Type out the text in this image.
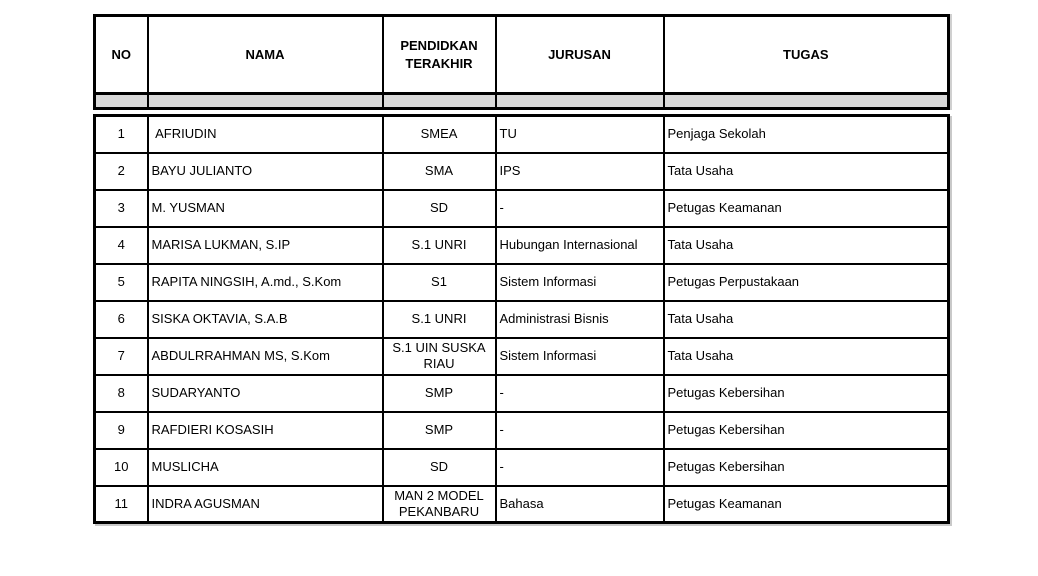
NO	NAMA	PENDIDKAN TERAKHIR	JURUSAN	TUGAS

1	AFRIUDIN	SMEA	TU	Penjaga Sekolah
2	BAYU JULIANTO	SMA	IPS	Tata Usaha
3	M. YUSMAN	SD	-	Petugas Keamanan
4	MARISA LUKMAN, S.IP	S.1 UNRI	Hubungan Internasional	Tata Usaha
5	RAPITA NINGSIH, A.md., S.Kom	S1	Sistem Informasi	Petugas Perpustakaan
6	SISKA OKTAVIA, S.A.B	S.1 UNRI	Administrasi Bisnis	Tata Usaha
7	ABDULRRAHMAN MS, S.Kom	S.1 UIN SUSKA RIAU	Sistem Informasi	Tata Usaha
8	SUDARYANTO	SMP	-	Petugas Kebersihan
9	RAFDIERI KOSASIH	SMP	-	Petugas Kebersihan
10	MUSLICHA	SD	-	Petugas Kebersihan
11	INDRA AGUSMAN	MAN 2 MODEL PEKANBARU	Bahasa	Petugas Keamanan
